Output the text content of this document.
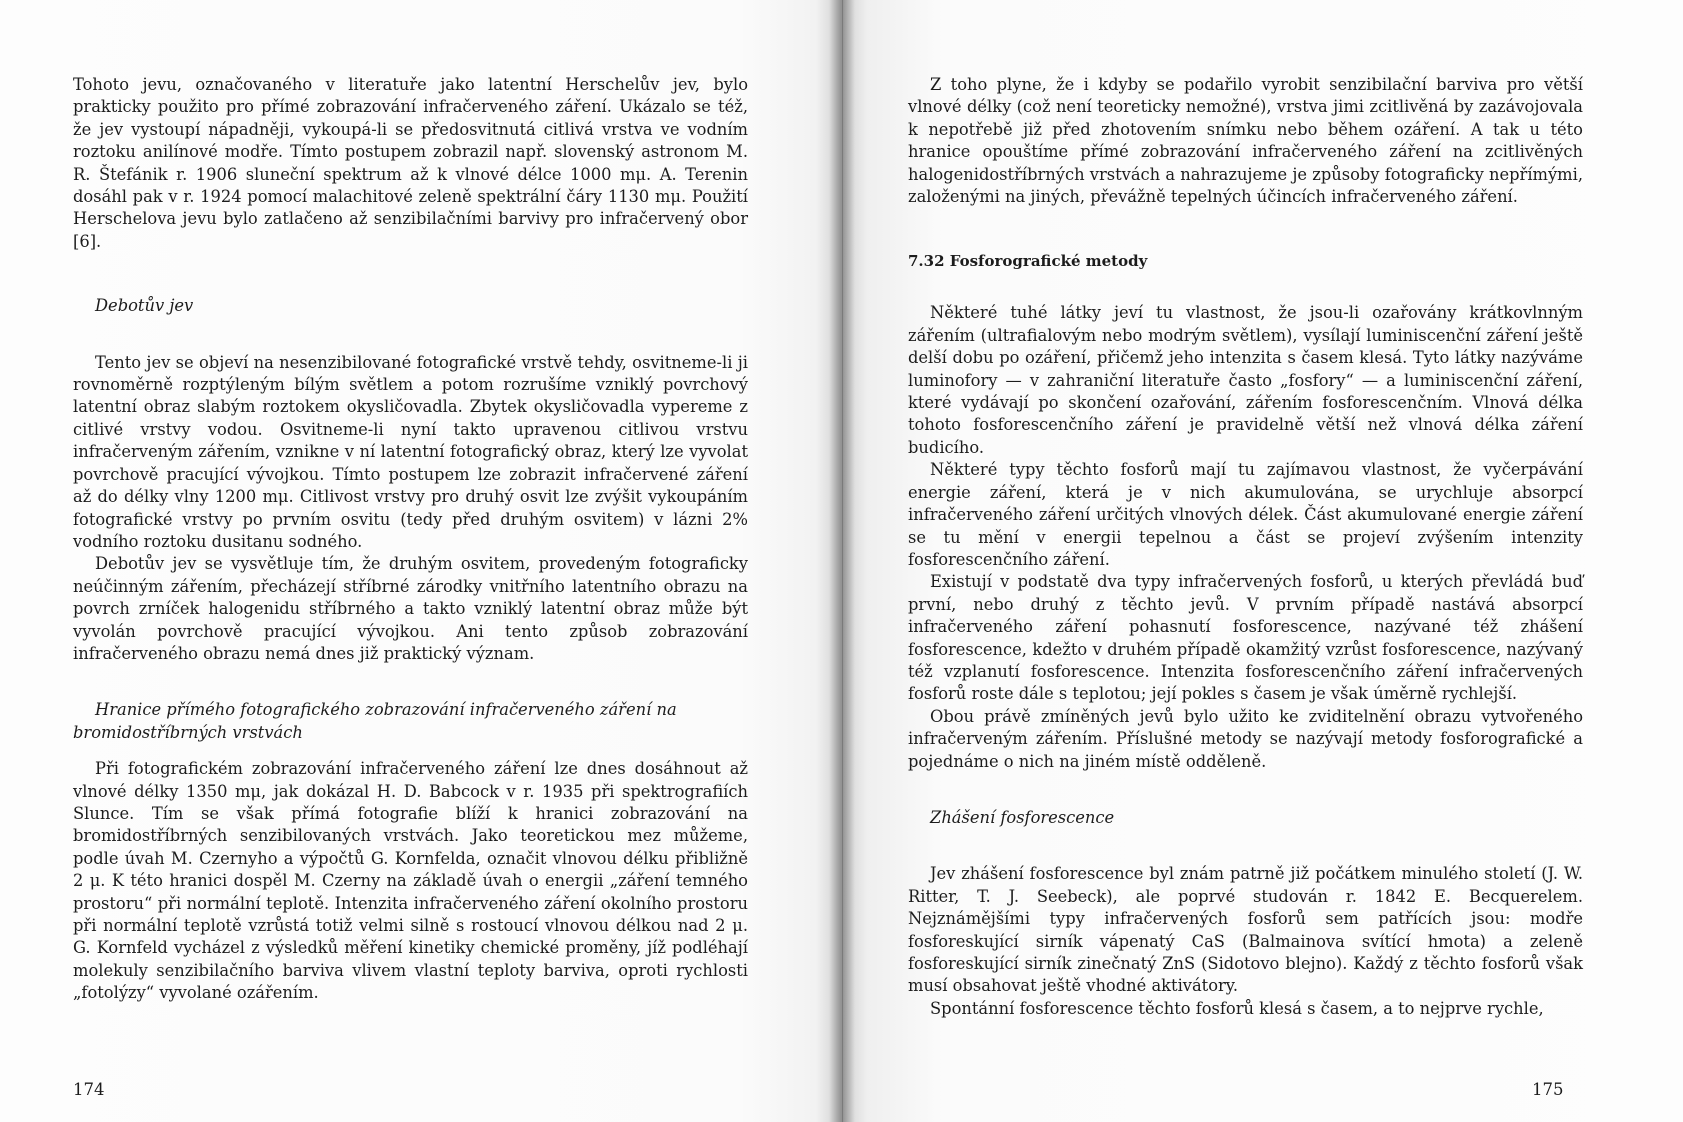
Tohoto jevu, označovaného v literatuře jako latentní Herschelův jev, bylo prakticky použito pro přímé zobrazování infračerveného záření. Ukázalo se též, že jev vystoupí nápadněji, vykoupá-li se předosvitnutá citlivá vrstva ve vodním roztoku anilínové modře. Tímto postupem zobrazil např. slovenský astronom M. R. Štefánik r. 1906 sluneční spektrum až k vlnové délce 1000 mμ. A. Terenin dosáhl pak v r. 1924 pomocí malachitové zeleně spektrální čáry 1130 mμ. Použití Herschelova jevu bylo zatlačeno až senzibilačními barvivy pro infračervený obor [6].

Debotův jev

Tento jev se objeví na nesenzibilované fotografické vrstvě tehdy, osvitneme-li ji rovnoměrně rozptýleným bílým světlem a potom rozrušíme vzniklý povrchový latentní obraz slabým roztokem okysličovadla. Zbytek okysličovadla vypereme z citlivé vrstvy vodou. Osvitneme-li nyní takto upravenou citlivou vrstvu infračerveným zářením, vznikne v ní latentní fotografický obraz, který lze vyvolat povrchově pracující vývojkou. Tímto postupem lze zobrazit infračervené záření až do délky vlny 1200 mμ. Citlivost vrstvy pro druhý osvit lze zvýšit vykoupáním fotografické vrstvy po prvním osvitu (tedy před druhým osvitem) v lázni 2% vodního roztoku dusitanu sodného.

Debotův jev se vysvětluje tím, že druhým osvitem, provedeným fotograficky neúčinným zářením, přecházejí stříbrné zárodky vnitřního latentního obrazu na povrch zrníček halogenidu stříbrného a takto vzniklý latentní obraz může být vyvolán povrchově pracující vývojkou. Ani tento způsob zobrazování infračerveného obrazu nemá dnes již praktický význam.

Hranice přímého fotografického zobrazování infračerveného záření na bromidostříbrných vrstvách

Při fotografickém zobrazování infračerveného záření lze dnes dosáhnout až vlnové délky 1350 mμ, jak dokázal H. D. Babcock v r. 1935 při spektrografiích Slunce. Tím se však přímá fotografie blíží k hranici zobrazování na bromidostříbrných senzibilovaných vrstvách. Jako teoretickou mez můžeme, podle úvah M. Czernyho a výpočtů G. Kornfelda, označit vlnovou délku přibližně 2 μ. K této hranici dospěl M. Czerny na základě úvah o energii „záření temného prostoru“ při normální teplotě. Intenzita infračerveného záření okolního prostoru při normální teplotě vzrůstá totiž velmi silně s rostoucí vlnovou délkou nad 2 μ. G. Kornfeld vycházel z výsledků měření kinetiky chemické proměny, jíž podléhají molekuly senzibilačního barviva vlivem vlastní teploty barviva, oproti rychlosti „fotolýzy“ vyvolané ozářením.

174

Z toho plyne, že i kdyby se podařilo vyrobit senzibilační barviva pro větší vlnové délky (což není teoreticky nemožné), vrstva jimi zcitlivěná by zazávojovala k nepotřebě již před zhotovením snímku nebo během ozáření. A tak u této hranice opouštíme přímé zobrazování infračerveného záření na zcitlivěných halogenidostříbrných vrstvách a nahrazujeme je způsoby fotograficky nepřímými, založenými na jiných, převážně tepelných účincích infračerveného záření.

7.32 Fosforografické metody

Některé tuhé látky jeví tu vlastnost, že jsou-li ozařovány krátkovlnným zářením (ultrafialovým nebo modrým světlem), vysílají luminiscenční záření ještě delší dobu po ozáření, přičemž jeho intenzita s časem klesá. Tyto látky nazýváme luminofory — v zahraniční literatuře často „fosfory“ — a luminiscenční záření, které vydávají po skončení ozařování, zářením fosforescenčním. Vlnová délka tohoto fosforescenčního záření je pravidelně větší než vlnová délka záření budicího.

Některé typy těchto fosforů mají tu zajímavou vlastnost, že vyčerpávání energie záření, která je v nich akumulována, se urychluje absorpcí infračerveného záření určitých vlnových délek. Část akumulované energie záření se tu mění v energii tepelnou a část se projeví zvýšením intenzity fosforescenčního záření.

Existují v podstatě dva typy infračervených fosforů, u kterých převládá buď první, nebo druhý z těchto jevů. V prvním případě nastává absorpcí infračerveného záření pohasnutí fosforescence, nazývané též zhášení fosforescence, kdežto v druhém případě okamžitý vzrůst fosforescence, nazývaný též vzplanutí fosforescence. Intenzita fosforescenčního záření infračervených fosforů roste dále s teplotou; její pokles s časem je však úměrně rychlejší.

Obou právě zmíněných jevů bylo užito ke zviditelnění obrazu vytvořeného infračerveným zářením. Příslušné metody se nazývají metody fosforografické a pojednáme o nich na jiném místě odděleně.

Zhášení fosforescence

Jev zhášení fosforescence byl znám patrně již počátkem minulého století (J. W. Ritter, T. J. Seebeck), ale poprvé studován r. 1842 E. Becquerelem. Nejznámějšími typy infračervených fosforů sem patřících jsou: modře fosforeskující sirník vápenatý CaS (Balmainova svítící hmota) a zeleně fosforeskující sirník zinečnatý ZnS (Sidotovo blejno). Každý z těchto fosforů však musí obsahovat ještě vhodné aktivátory.

Spontánní fosforescence těchto fosforů klesá s časem, a to nejprve rychle,

175
